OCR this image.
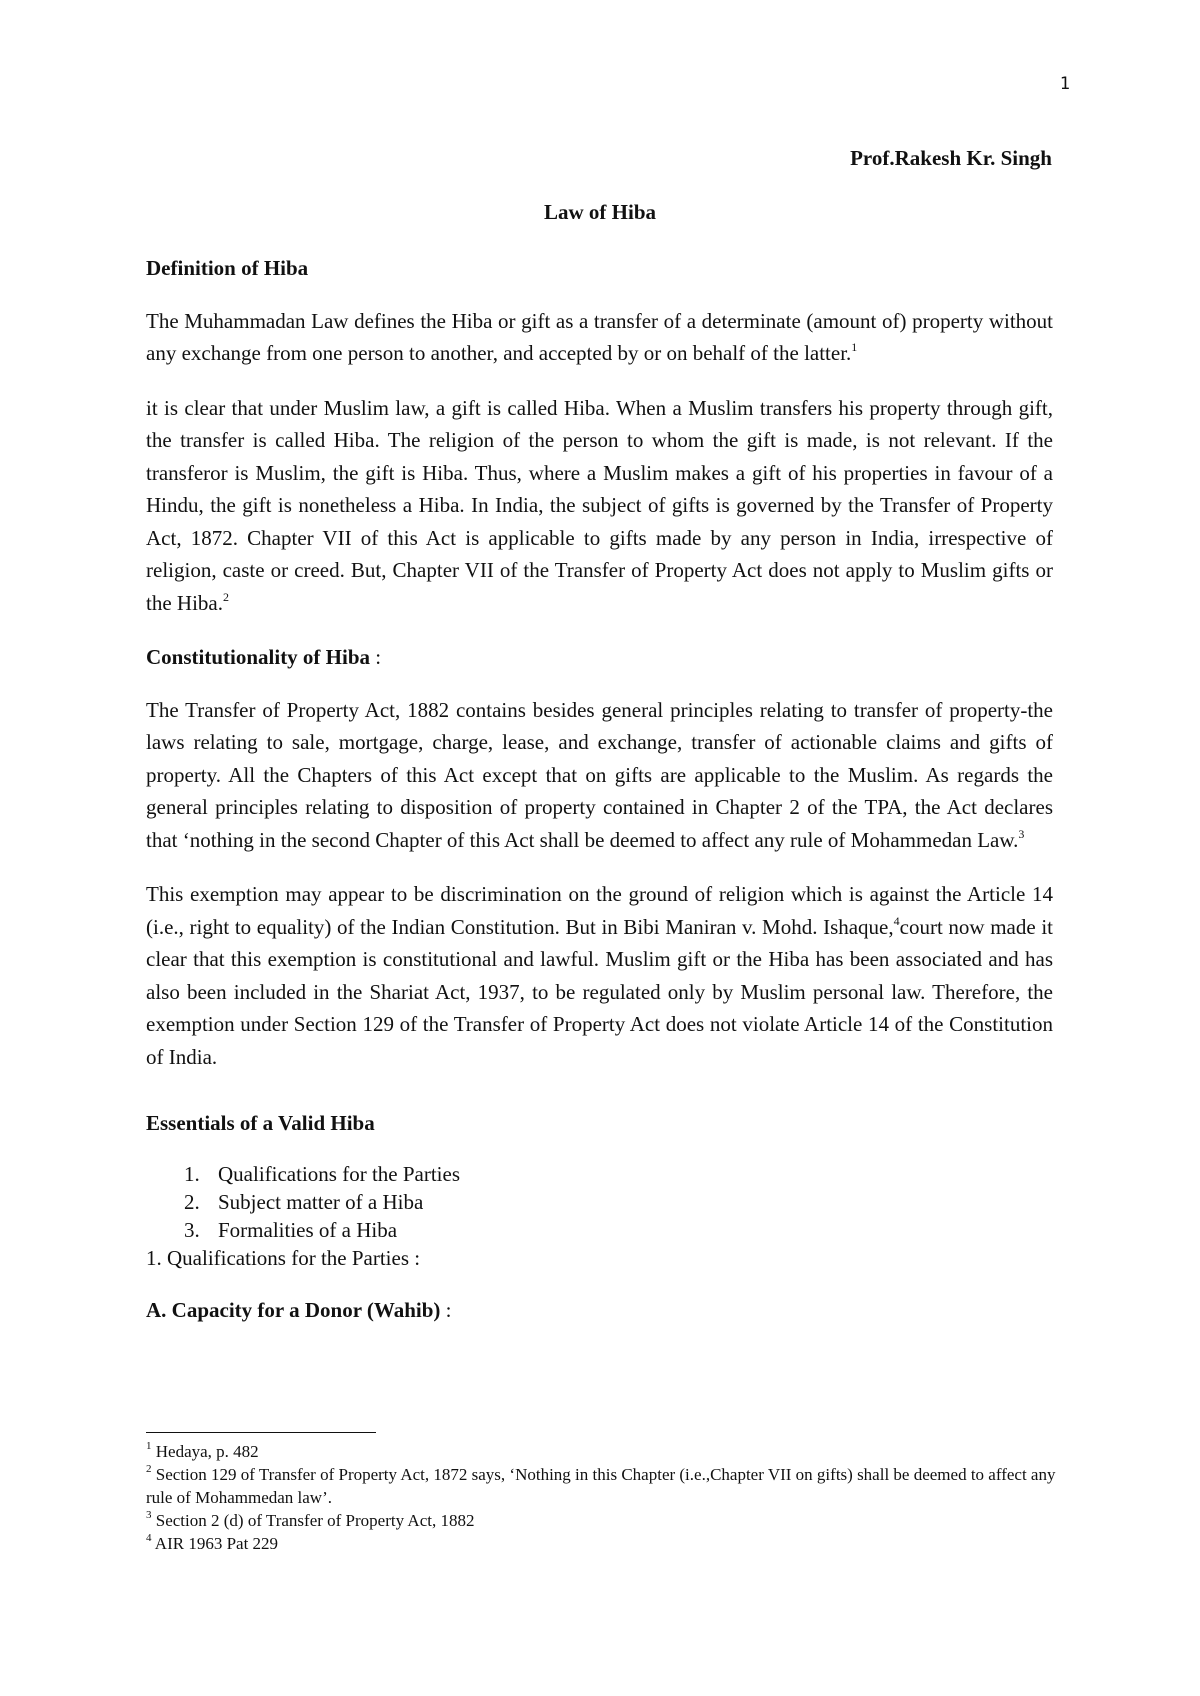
1
Prof.Rakesh Kr. Singh
Law of Hiba

Definition of Hiba

The Muhammadan Law defines the Hiba or gift as a transfer of a determinate (amount of) property without any exchange from one person to another, and accepted by or on behalf of the latter.$^1$

it is clear that under Muslim law, a gift is called Hiba. When a Muslim transfers his property through gift, the transfer is called Hiba. The religion of the person to whom the gift is made, is not relevant. If the transferor is Muslim, the gift is Hiba. Thus, where a Muslim makes a gift of his properties in favour of a Hindu, the gift is nonetheless a Hiba. In India, the subject of gifts is governed by the Transfer of Property Act, 1872. Chapter VII of this Act is applicable to gifts made by any person in India, irrespective of religion, caste or creed. But, Chapter VII of the Transfer of Property Act does not apply to Muslim gifts or the Hiba.$^2$

Constitutionality of Hiba :

The Transfer of Property Act, 1882 contains besides general principles relating to transfer of property-the laws relating to sale, mortgage, charge, lease, and exchange, transfer of actionable claims and gifts of property. All the Chapters of this Act except that on gifts are applicable to the Muslim. As regards the general principles relating to disposition of property contained in Chapter 2 of the TPA, the Act declares that ‘nothing in the second Chapter of this Act shall be deemed to affect any rule of Mohammedan Law.$^3$

This exemption may appear to be discrimination on the ground of religion which is against the Article 14 (i.e., right to equality) of the Indian Constitution. But in Bibi Maniran v. Mohd. Ishaque,$^4$court now made it clear that this exemption is constitutional and lawful. Muslim gift or the Hiba has been associated and has also been included in the Shariat Act, 1937, to be regulated only by Muslim personal law. Therefore, the exemption under Section 129 of the Transfer of Property Act does not violate Article 14 of the Constitution of India.

Essentials of a Valid Hiba

1. Qualifications for the Parties
2. Subject matter of a Hiba
3. Formalities of a Hiba

1. Qualifications for the Parties :

A. Capacity for a Donor (Wahib) :

$^1$ Hedaya, p. 482
$^2$ Section 129 of Transfer of Property Act, 1872 says, ‘Nothing in this Chapter (i.e.,Chapter VII on gifts) shall be deemed to affect any rule of Mohammedan law’.
$^3$ Section 2 (d) of Transfer of Property Act, 1882
$^4$ AIR 1963 Pat 229
